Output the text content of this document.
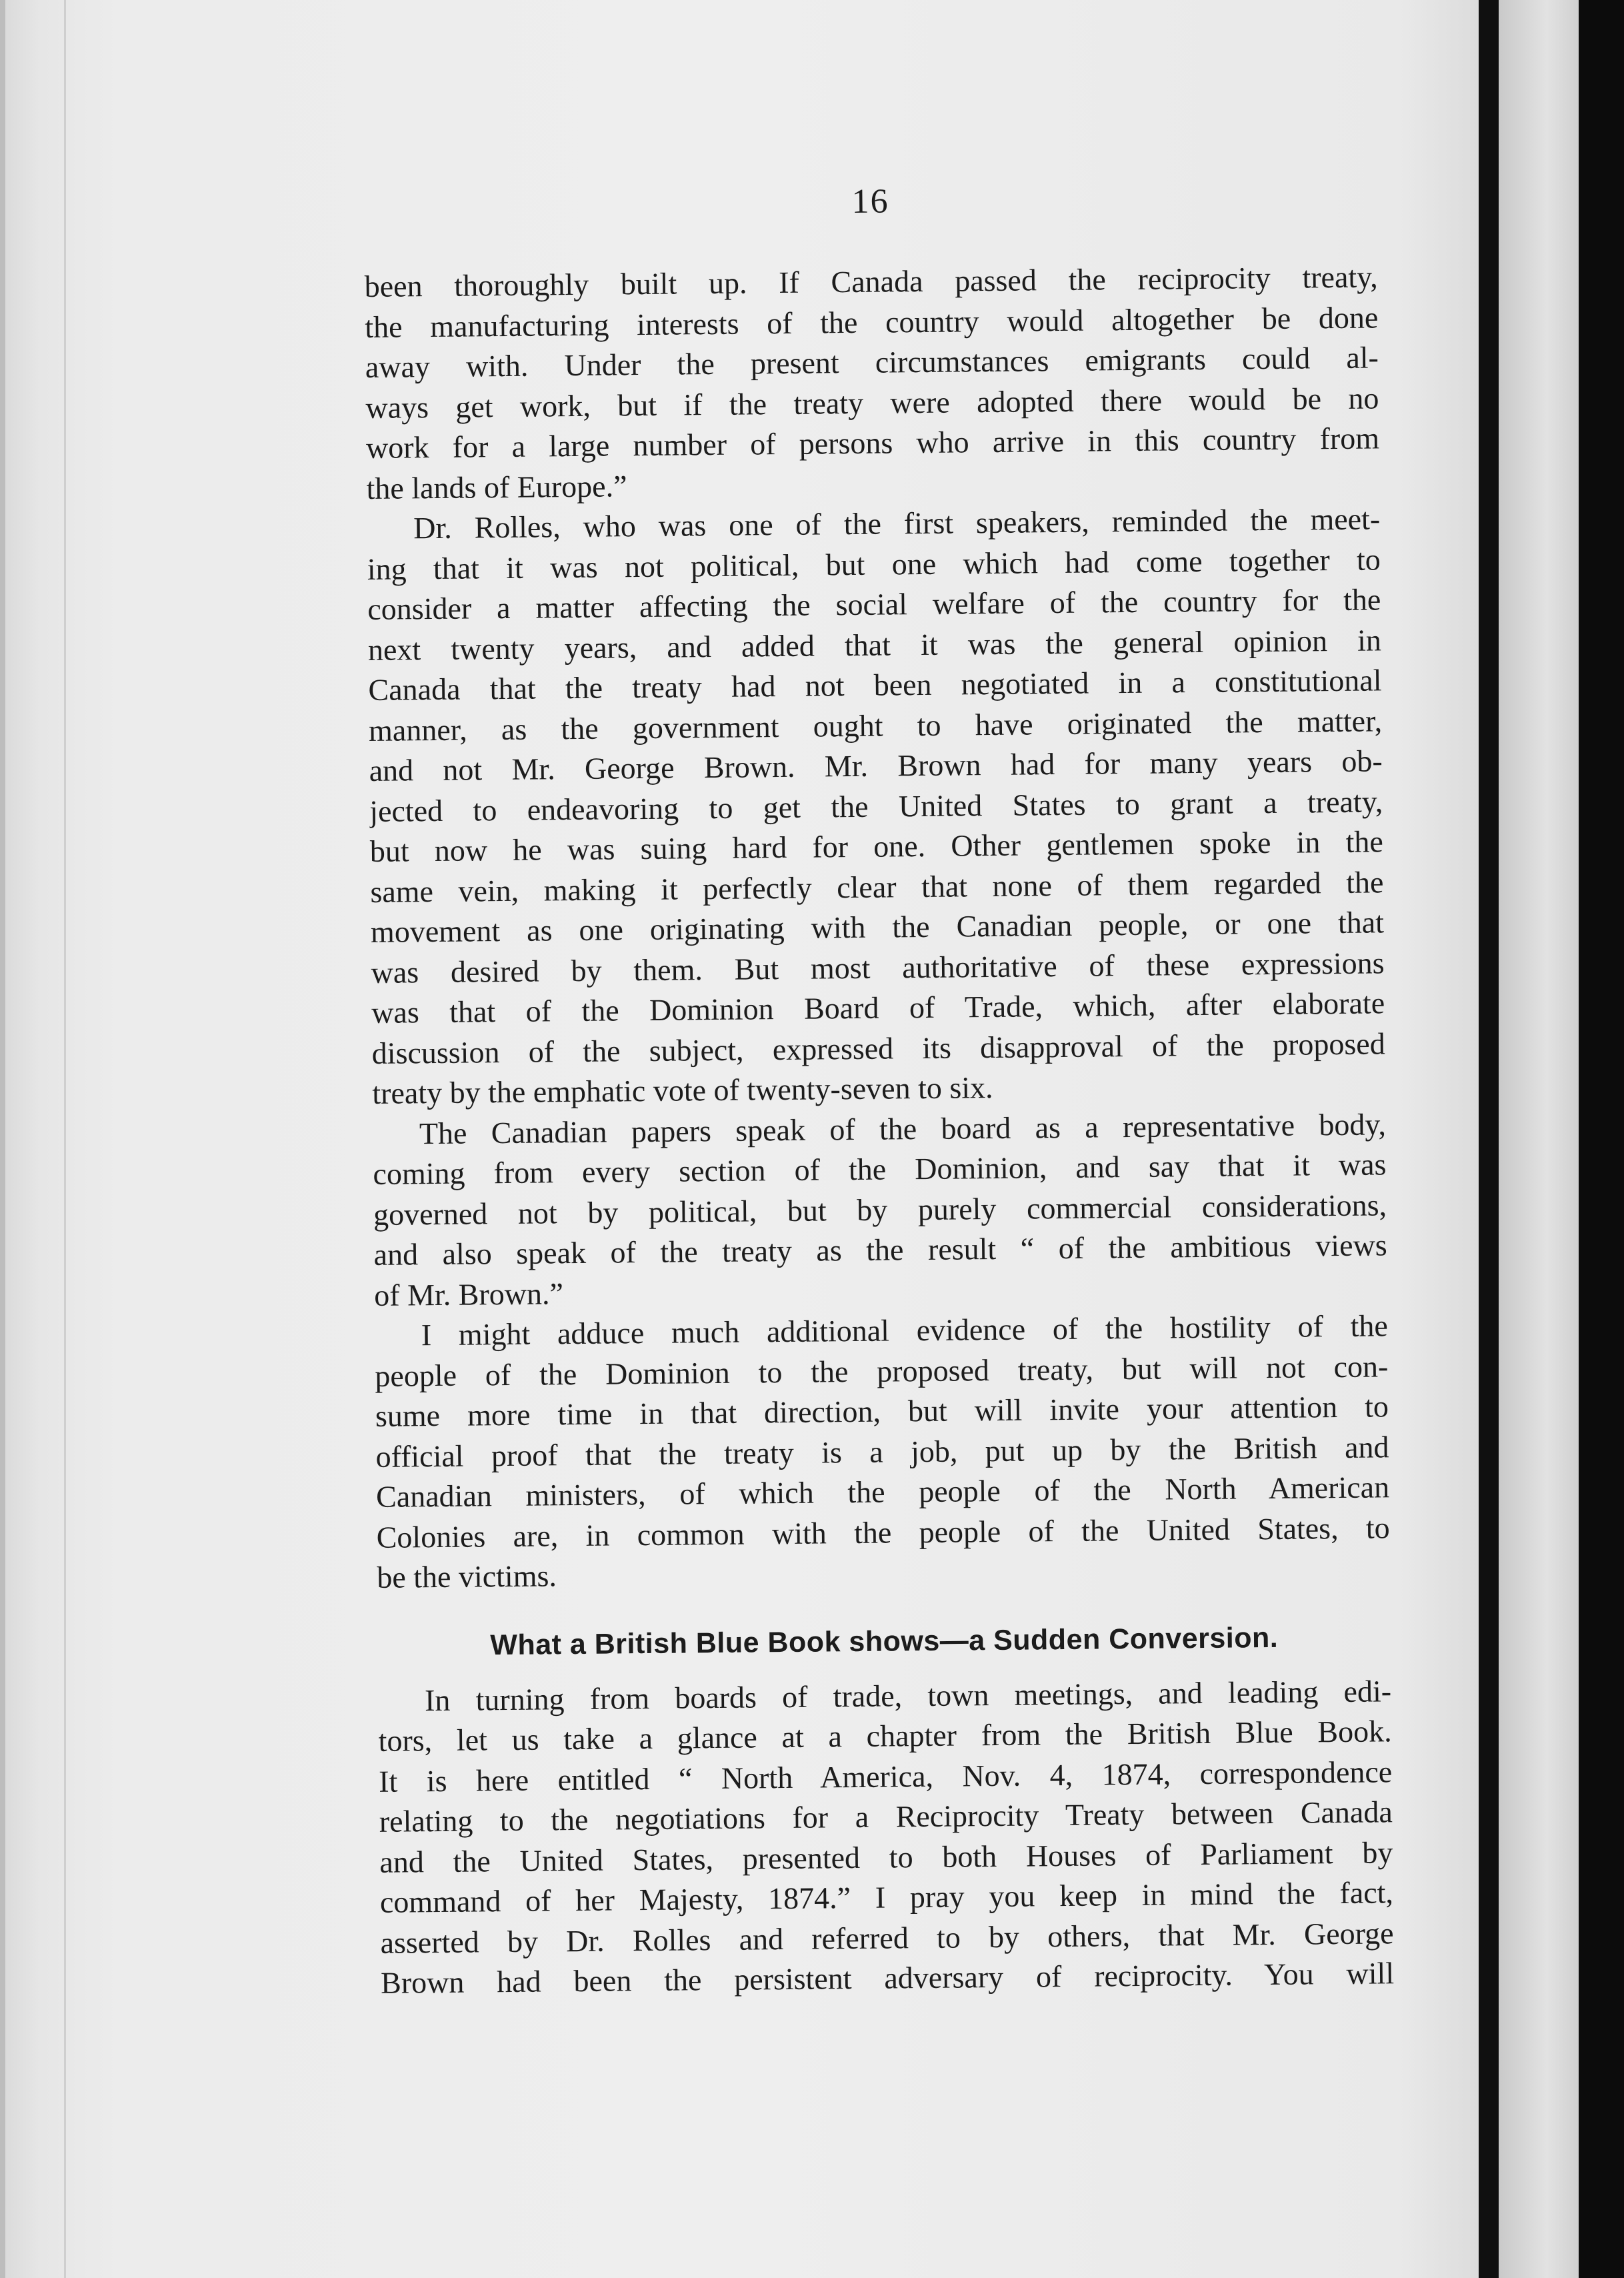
16

been thoroughly built up. If Canada passed the reciprocity treaty,
the manufacturing interests of the country would altogether be done
away with. Under the present circumstances emigrants could al-
ways get work, but if the treaty were adopted there would be no
work for a large number of persons who arrive in this country from
the lands of Europe.”

Dr. Rolles, who was one of the first speakers, reminded the meet-
ing that it was not political, but one which had come together to
consider a matter affecting the social welfare of the country for the
next twenty years, and added that it was the general opinion in
Canada that the treaty had not been negotiated in a constitutional
manner, as the government ought to have originated the matter,
and not Mr. George Brown. Mr. Brown had for many years ob-
jected to endeavoring to get the United States to grant a treaty,
but now he was suing hard for one. Other gentlemen spoke in the
same vein, making it perfectly clear that none of them regarded the
movement as one originating with the Canadian people, or one that
was desired by them. But most authoritative of these expressions
was that of the Dominion Board of Trade, which, after elaborate
discussion of the subject, expressed its disapproval of the proposed
treaty by the emphatic vote of twenty-seven to six.

The Canadian papers speak of the board as a representative body,
coming from every section of the Dominion, and say that it was
governed not by political, but by purely commercial considerations,
and also speak of the treaty as the result “ of the ambitious views
of Mr. Brown.”

I might adduce much additional evidence of the hostility of the
people of the Dominion to the proposed treaty, but will not con-
sume more time in that direction, but will invite your attention to
official proof that the treaty is a job, put up by the British and
Canadian ministers, of which the people of the North American
Colonies are, in common with the people of the United States, to
be the victims.

What a British Blue Book shows—a Sudden Conversion.

In turning from boards of trade, town meetings, and leading edi-
tors, let us take a glance at a chapter from the British Blue Book.
It is here entitled “ North America, Nov. 4, 1874, correspondence
relating to the negotiations for a Reciprocity Treaty between Canada
and the United States, presented to both Houses of Parliament by
command of her Majesty, 1874.” I pray you keep in mind the fact,
asserted by Dr. Rolles and referred to by others, that Mr. George
Brown had been the persistent adversary of reciprocity. You will
